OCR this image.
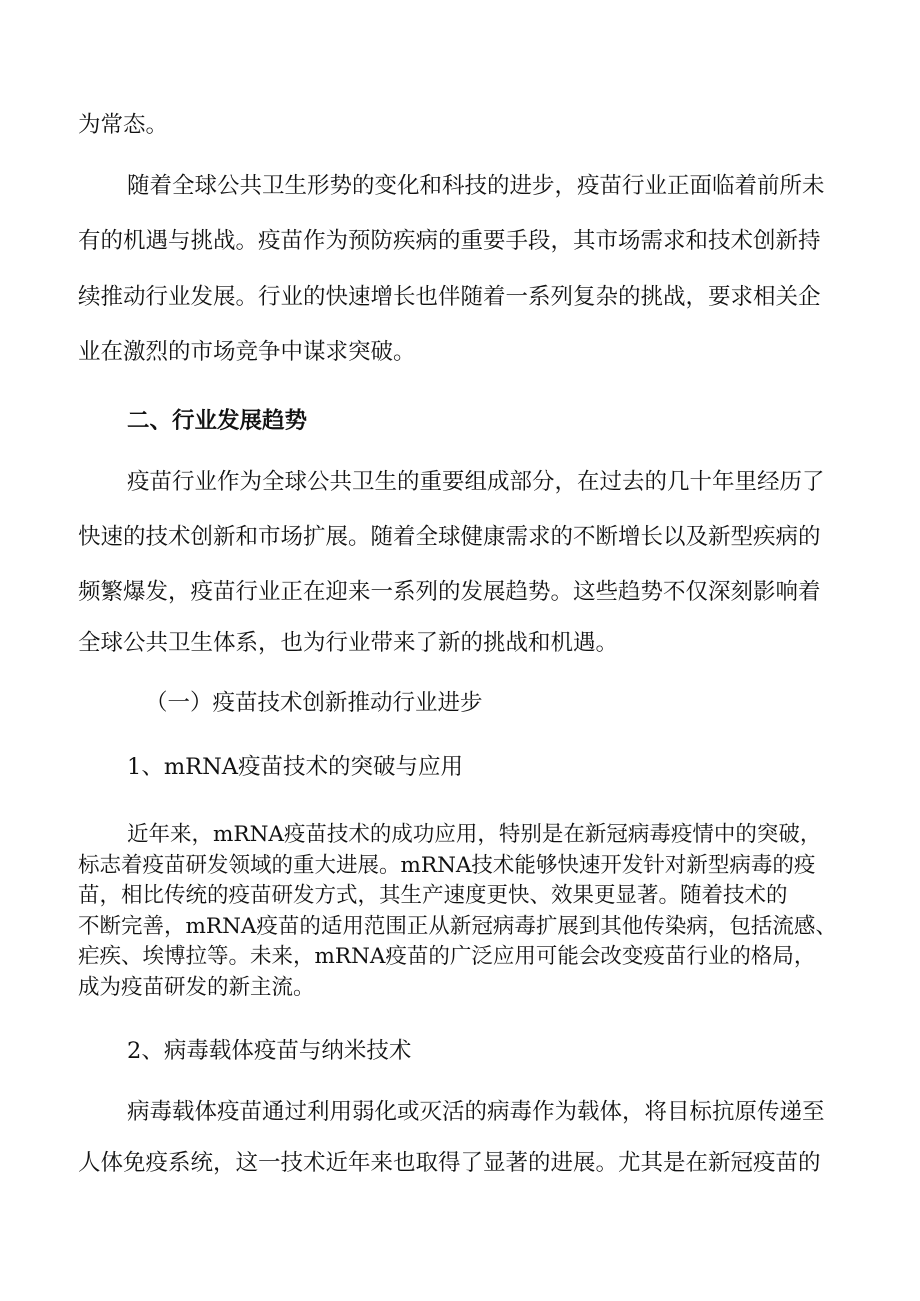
为常态。

随着全球公共卫生形势的变化和科技的进步，疫苗行业正面临着前所未

有的机遇与挑战。疫苗作为预防疾病的重要手段，其市场需求和技术创新持

续推动行业发展。行业的快速增长也伴随着一系列复杂的挑战，要求相关企

业在激烈的市场竞争中谋求突破。

二、行业发展趋势

疫苗行业作为全球公共卫生的重要组成部分，在过去的几十年里经历了

快速的技术创新和市场扩展。随着全球健康需求的不断增长以及新型疾病的

频繁爆发，疫苗行业正在迎来一系列的发展趋势。这些趋势不仅深刻影响着

全球公共卫生体系，也为行业带来了新的挑战和机遇。

（一）疫苗技术创新推动行业进步

1、mRNA疫苗技术的突破与应用

近年来，mRNA疫苗技术的成功应用，特别是在新冠病毒疫情中的突破，

标志着疫苗研发领域的重大进展。mRNA技术能够快速开发针对新型病毒的疫

苗，相比传统的疫苗研发方式，其生产速度更快、效果更显著。随着技术的

不断完善，mRNA疫苗的适用范围正从新冠病毒扩展到其他传染病，包括流感、

疟疾、埃博拉等。未来，mRNA疫苗的广泛应用可能会改变疫苗行业的格局，

成为疫苗研发的新主流。

2、病毒载体疫苗与纳米技术

病毒载体疫苗通过利用弱化或灭活的病毒作为载体，将目标抗原传递至

人体免疫系统，这一技术近年来也取得了显著的进展。尤其是在新冠疫苗的
